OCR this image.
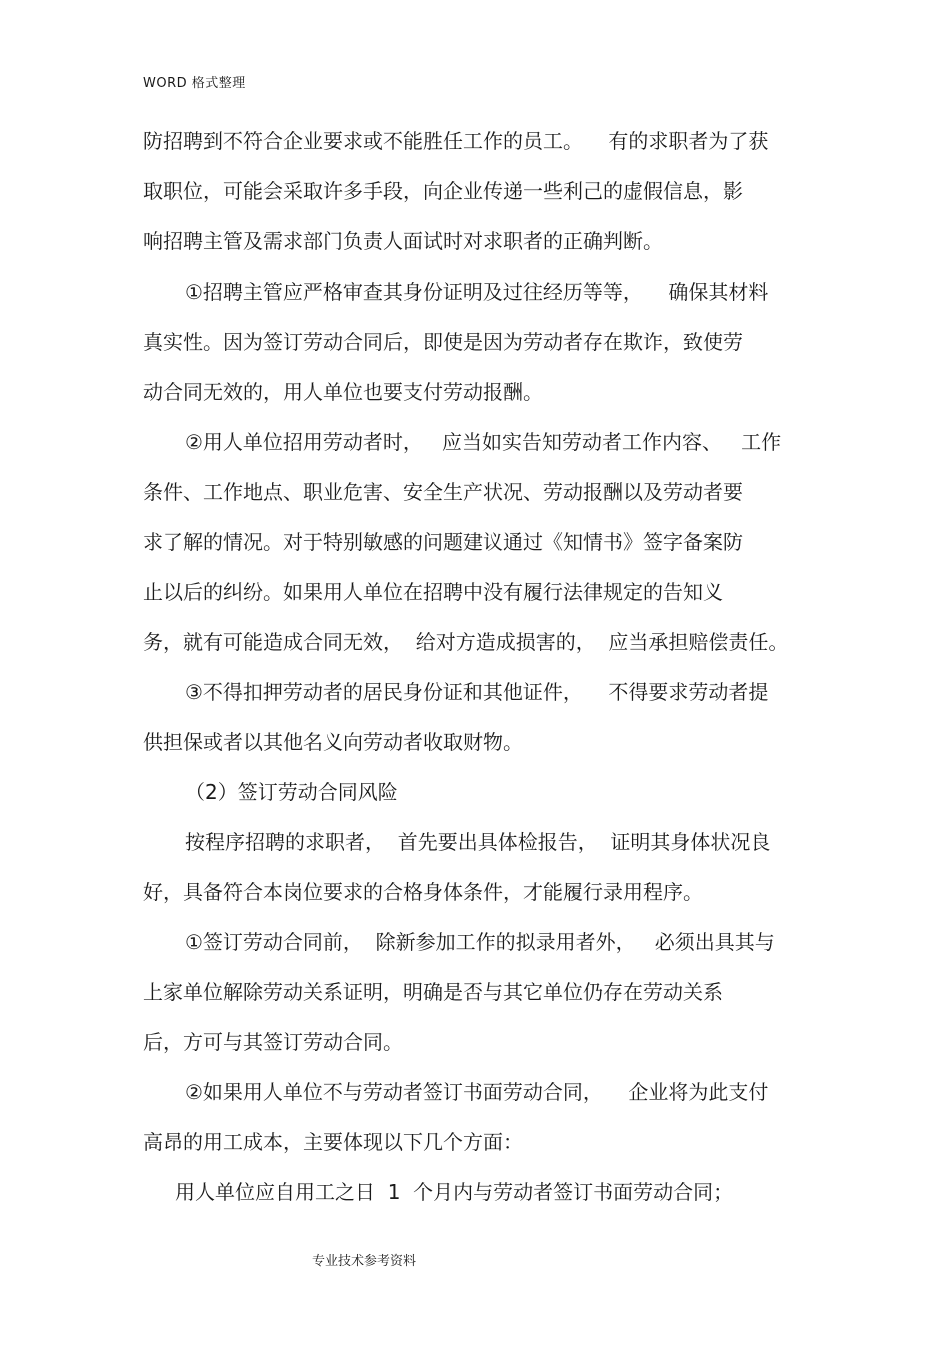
WORD 格式整理
防招聘到不符合企业要求或不能胜任工作的员工。    有的求职者为了获
取职位，可能会采取许多手段，向企业传递一些利己的虚假信息，影
响招聘主管及需求部门负责人面试时对求职者的正确判断。
①招聘主管应严格审查其身份证明及过往经历等等，    确保其材料
真实性。因为签订劳动合同后，即使是因为劳动者存在欺诈，致使劳
动合同无效的，用人单位也要支付劳动报酬。
②用人单位招用劳动者时，   应当如实告知劳动者工作内容、   工作
条件、工作地点、职业危害、安全生产状况、劳动报酬以及劳动者要
求了解的情况。对于特别敏感的问题建议通过《知情书》签字备案防
止以后的纠纷。如果用人单位在招聘中没有履行法律规定的告知义
务，就有可能造成合同无效，  给对方造成损害的，  应当承担赔偿责任。
③不得扣押劳动者的居民身份证和其他证件，    不得要求劳动者提
供担保或者以其他名义向劳动者收取财物。
（2）签订劳动合同风险
按程序招聘的求职者，  首先要出具体检报告，  证明其身体状况良
好，具备符合本岗位要求的合格身体条件，才能履行录用程序。
①签订劳动合同前，  除新参加工作的拟录用者外，   必须出具其与
上家单位解除劳动关系证明，明确是否与其它单位仍存在劳动关系
后，方可与其签订劳动合同。
②如果用人单位不与劳动者签订书面劳动合同，    企业将为此支付
高昂的用工成本，主要体现以下几个方面：
用人单位应自用工之日  1  个月内与劳动者签订书面劳动合同；
专业技术参考资料
